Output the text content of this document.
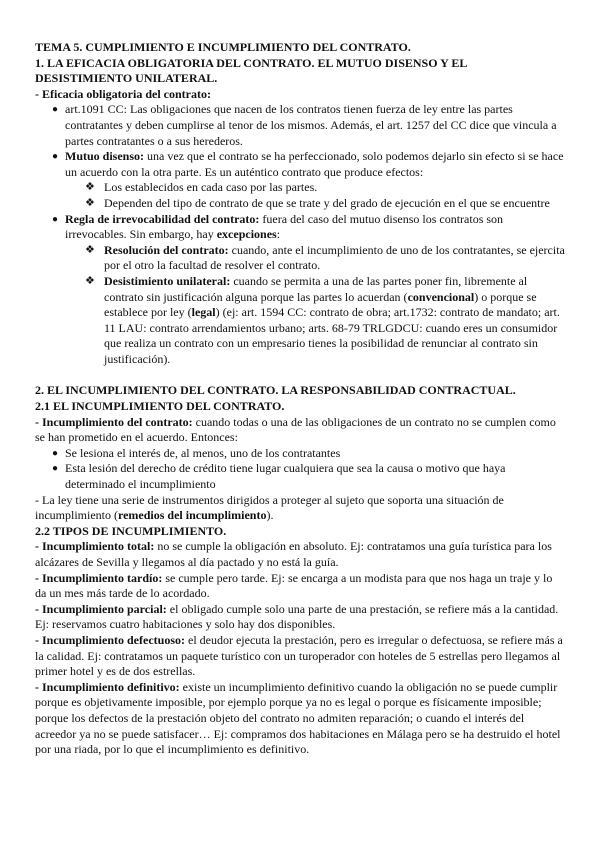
TEMA 5. CUMPLIMIENTO E INCUMPLIMIENTO DEL CONTRATO.

1. LA EFICACIA OBLIGATORIA DEL CONTRATO. EL MUTUO DISENSO Y EL DESISTIMIENTO UNILATERAL.

- Eficacia obligatoria del contrato:

● art.1091 CC: Las obligaciones que nacen de los contratos tienen fuerza de ley entre las partes contratantes y deben cumplirse al tenor de los mismos. Además, el art. 1257 del CC dice que vincula a partes contratantes o a sus herederos.
● Mutuo disenso: una vez que el contrato se ha perfeccionado, solo podemos dejarlo sin efecto si se hace un acuerdo con la otra parte. Es un auténtico contrato que produce efectos:
❖ Los establecidos en cada caso por las partes.
❖ Dependen del tipo de contrato de que se trate y del grado de ejecución en el que se encuentre
● Regla de irrevocabilidad del contrato: fuera del caso del mutuo disenso los contratos son irrevocables. Sin embargo, hay excepciones:
❖ Resolución del contrato: cuando, ante el incumplimiento de uno de los contratantes, se ejercita por el otro la facultad de resolver el contrato.
❖ Desistimiento unilateral: cuando se permita a una de las partes poner fin, libremente al contrato sin justificación alguna porque las partes lo acuerdan (convencional) o porque se establece por ley (legal) (ej: art. 1594 CC: contrato de obra; art.1732: contrato de mandato; art. 11 LAU: contrato arrendamientos urbano; arts. 68-79 TRLGDCU: cuando eres un consumidor que realiza un contrato con un empresario tienes la posibilidad de renunciar al contrato sin justificación).

2. EL INCUMPLIMIENTO DEL CONTRATO. LA RESPONSABILIDAD CONTRACTUAL.

2.1 EL INCUMPLIMIENTO DEL CONTRATO.

- Incumplimiento del contrato: cuando todas o una de las obligaciones de un contrato no se cumplen como se han prometido en el acuerdo. Entonces:

● Se lesiona el interés de, al menos, uno de los contratantes
● Esta lesión del derecho de crédito tiene lugar cualquiera que sea la causa o motivo que haya determinado el incumplimiento

- La ley tiene una serie de instrumentos dirigidos a proteger al sujeto que soporta una situación de incumplimiento (remedios del incumplimiento).

2.2 TIPOS DE INCUMPLIMIENTO.

- Incumplimiento total: no se cumple la obligación en absoluto. Ej: contratamos una guía turística para los alcázares de Sevilla y llegamos al día pactado y no está la guía.

- Incumplimiento tardío: se cumple pero tarde. Ej: se encarga a un modista para que nos haga un traje y lo da un mes más tarde de lo acordado.

- Incumplimiento parcial: el obligado cumple solo una parte de una prestación, se refiere más a la cantidad. Ej: reservamos cuatro habitaciones y solo hay dos disponibles.

- Incumplimiento defectuoso: el deudor ejecuta la prestación, pero es irregular o defectuosa, se refiere más a la calidad. Ej: contratamos un paquete turístico con un turoperador con hoteles de 5 estrellas pero llegamos al primer hotel y es de dos estrellas.

- Incumplimiento definitivo: existe un incumplimiento definitivo cuando la obligación no se puede cumplir porque es objetivamente imposible, por ejemplo porque ya no es legal o porque es físicamente imposible; porque los defectos de la prestación objeto del contrato no admiten reparación; o cuando el interés del acreedor ya no se puede satisfacer… Ej: compramos dos habitaciones en Málaga pero se ha destruido el hotel por una riada, por lo que el incumplimiento es definitivo.
